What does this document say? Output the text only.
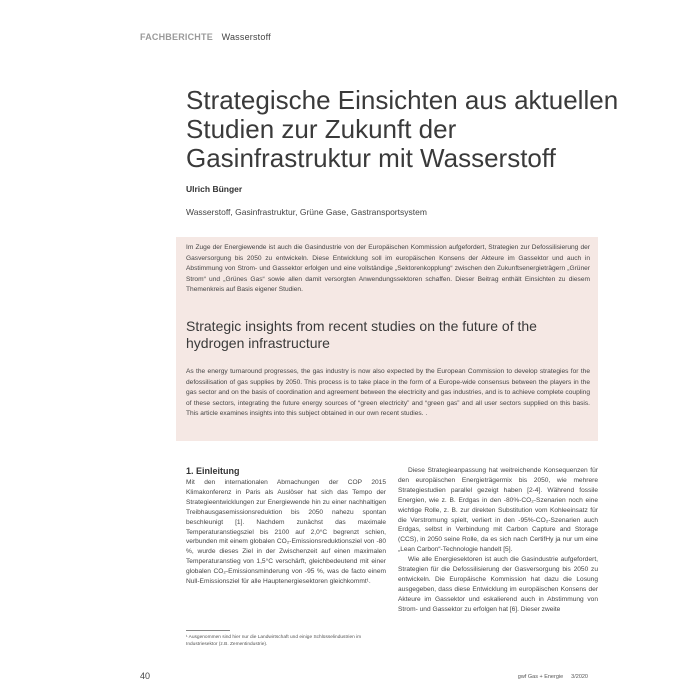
FACHBERICHTE Wasserstoff
Strategische Einsichten aus aktuellen Studien zur Zukunft der Gasinfrastruktur mit Wasserstoff
Ulrich Bünger
Wasserstoff, Gasinfrastruktur, Grüne Gase, Gastransportsystem

Im Zuge der Energiewende ist auch die Gasindustrie von der Europäischen Kommission aufgefordert, Strategien zur Defossilisierung der Gasversorgung bis 2050 zu entwickeln. Diese Entwicklung soll im europäischen Konsens der Akteure im Gassektor und auch in Abstimmung von Strom- und Gassektor erfolgen und eine vollständige „Sektorenkopplung“ zwischen den Zukunftsenergieträgern „Grüner Strom“ und „Grünes Gas“ sowie allen damit versorgten Anwendungssektoren schaffen. Dieser Beitrag enthält Einsichten zu diesem Themenkreis auf Basis eigener Studien.

Strategic insights from recent studies on the future of the hydrogen infrastructure

As the energy turnaround progresses, the gas industry is now also expected by the European Commission to develop strategies for the defossilisation of gas supplies by 2050. This process is to take place in the form of a Europe-wide consensus between the players in the gas sector and on the basis of coordination and agreement between the electricity and gas industries, and is to achieve complete coupling of these sectors, integrating the future energy sources of “green electricity” and “green gas” and all user sectors supplied on this basis. This article examines insights into this subject obtained in our own recent studies. .

1. Einleitung

Mit den internationalen Abmachungen der COP 2015 Klimakonferenz in Paris als Auslöser hat sich das Tempo der Strategieentwicklungen zur Energiewende hin zu einer nachhaltigen Treibhausgasemissionsreduktion bis 2050 nahezu spontan beschleunigt [1]. Nachdem zunächst das maximale Temperaturanstiegsziel bis 2100 auf 2,0°C begrenzt schien, verbunden mit einem globalen CO₂-Emissionsreduktionsziel von -80 %, wurde dieses Ziel in der Zwischenzeit auf einen maximalen Temperaturanstieg von 1,5°C verschärft, gleichbedeutend mit einer globalen CO₂-Emissionsminderung von -95 %, was de facto einem Null-Emissionsziel für alle Hauptenergiesektoren gleichkommt¹.

Diese Strategieanpassung hat weitreichende Konsequenzen für den europäischen Energieträgermix bis 2050, wie mehrere Strategiestudien parallel gezeigt haben [2-4]. Während fossile Energien, wie z. B. Erdgas in den -80%-CO₂-Szenarien noch eine wichtige Rolle, z. B. zur direkten Substitution vom Kohleeinsatz für die Verstromung spielt, verliert in den -95%-CO₂-Szenarien auch Erdgas, selbst in Verbindung mit Carbon Capture and Storage (CCS), in 2050 seine Rolle, da es sich nach CertifHy ja nur um eine „Lean Carbon“-Technologie handelt [5].

Wie alle Energiesektoren ist auch die Gasindustrie aufgefordert, Strategien für die Defossilisierung der Gasversorgung bis 2050 zu entwickeln. Die Europäische Kommission hat dazu die Losung ausgegeben, dass diese Entwicklung im europäischen Konsens der Akteure im Gassektor und eskalierend auch in Abstimmung von Strom- und Gassektor zu erfolgen hat [6]. Dieser zweite

¹ Ausgenommen sind hier nur die Landwirtschaft und einige Schlüsselindustrien im Industriesektor (z.B. Zementindustrie).
40	gwf Gas + Energie 3/2020
